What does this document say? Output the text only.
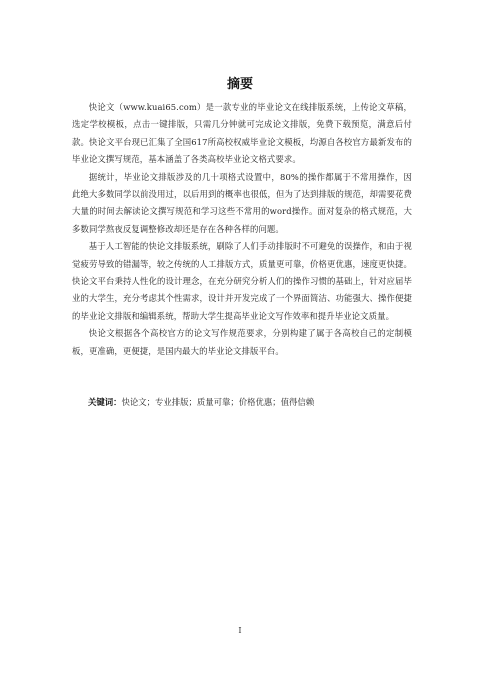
摘要

快论文（www.kuai65.com）是一款专业的毕业论文在线排版系统，上传论文草稿，选定学校模板，点击一键排版，只需几分钟就可完成论文排版，免费下载预览，满意后付款。快论文平台现已汇集了全国617所高校权威毕业论文模板，均源自各校官方最新发布的毕业论文撰写规范，基本涵盖了各类高校毕业论文格式要求。

据统计，毕业论文排版涉及的几十项格式设置中，80%的操作都属于不常用操作，因此绝大多数同学以前没用过，以后用到的概率也很低，但为了达到排版的规范，却需要花费大量的时间去解读论文撰写规范和学习这些不常用的word操作。面对复杂的格式规范，大多数同学熬夜反复调整修改却还是存在各种各样的问题。

基于人工智能的快论文排版系统，刷除了人们手动排版时不可避免的误操作，和由于视觉疲劳导致的错漏等，较之传统的人工排版方式，质量更可靠，价格更优惠，速度更快捷。快论文平台秉持人性化的设计理念，在充分研究分析人们的操作习惯的基础上，针对应届毕业的大学生，充分考虑其个性需求，设计并开发完成了一个界面简洁、功能强大、操作便捷的毕业论文排版和编辑系统，帮助大学生提高毕业论文写作效率和提升毕业论文质量。

快论文根据各个高校官方的论文写作规范要求，分别构建了属于各高校自己的定制模板，更准确，更便捷，是国内最大的毕业论文排版平台。

关键词：快论文；专业排版；质量可靠；价格优惠；值得信赖

I
